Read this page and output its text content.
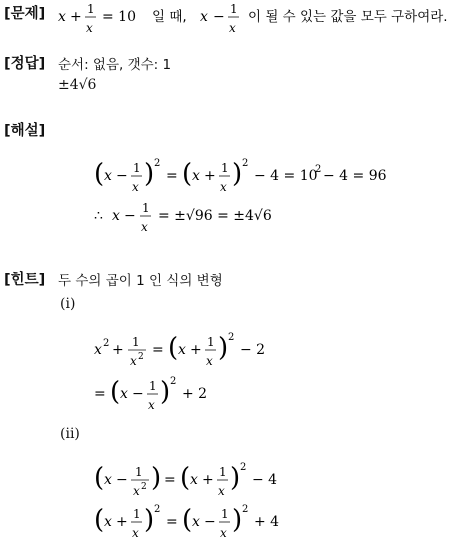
[문제]
[정답]
[해설]
[힌트]
x + 1
x
= 10 일 때, x − 1
x
이 될 수 있는 값을 모두 구하여라.
순서: 없음, 갯수: 1
±4√6
( x − 1
x ) 2
= ( x + 1
x ) 2
− 4 = 10
2 − 4 = 96
∴ x − 1
x
= ±√96 = ±4√6
두 수의 곱이 1 인 식의 변형
(i)
x 2 + 1
x 2 = ( x + 1
x ) 2
− 2
= ( x − 1
x ) 2
+ 2
(ii)
( x − 1
x 2 ) = ( x + 1
x ) 2
− 4
( x + 1
x ) 2
= ( x − 1
x ) 2
+ 4
